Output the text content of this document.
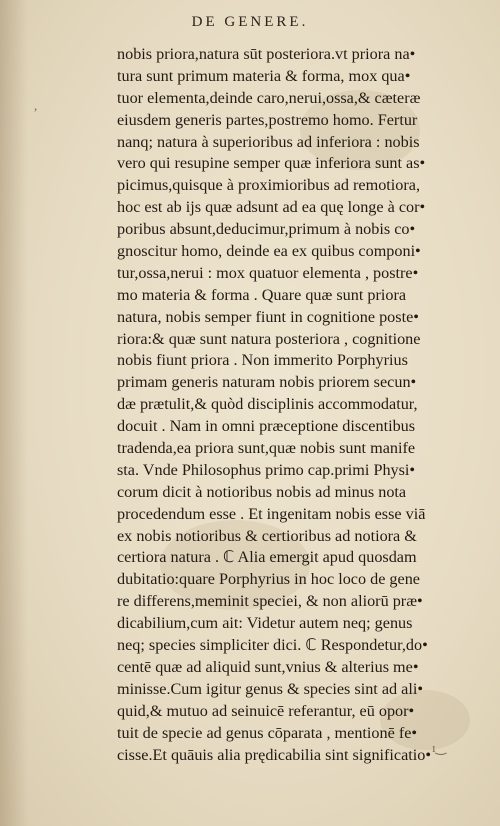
,
ı‿
DE GENERE.
nobis priora,natura sūt posteriora.vt priora na•
tura sunt primum materia & forma, mox qua•
tuor elementa,deinde caro,nerui,ossa,& cæteræ
eiusdem generis partes,postremo homo. Fertur
nanq; natura à superioribus ad inferiora : nobis
vero qui resupine semper quæ inferiora sunt as•
picimus,quisque à proximioribus ad remotiora,
hoc est ab ijs quæ adsunt ad ea quę longe à cor•
poribus absunt,deducimur,primum à nobis co•
gnoscitur homo, deinde ea ex quibus componi•
tur,ossa,nerui : mox quatuor elementa , postre•
mo materia & forma . Quare quæ sunt priora
natura, nobis semper fiunt in cognitione poste•
riora:& quæ sunt natura posteriora , cognitione
nobis fiunt priora . Non immerito Porphyrius
primam generis naturam nobis priorem secun•
dæ prætulit,& quòd disciplinis accommodatur,
docuit . Nam in omni præceptione discentibus
tradenda,ea priora sunt,quæ nobis sunt manife
sta. Vnde Philosophus primo cap.primi Physi•
corum dicit à notioribus nobis ad minus nota
procedendum esse . Et ingenitam nobis esse viā
ex nobis notioribus & certioribus ad notiora &
certiora natura . ℂ Alia emergit apud quosdam
dubitatio:quare Porphyrius in hoc loco de gene
re differens,meminit speciei, & non aliorū præ•
dicabilium,cum ait: Videtur autem neq; genus
neq; species simpliciter dici. ℂ Respondetur,do•
centē quæ ad aliquid sunt,vnius & alterius me•
minisse.Cum igitur genus & species sint ad ali•
quid,& mutuo ad seinuicē referantur, eū opor•
tuit de specie ad genus cōparata , mentionē fe•
cisse.Et quāuis alia prędicabilia sint significatio•
